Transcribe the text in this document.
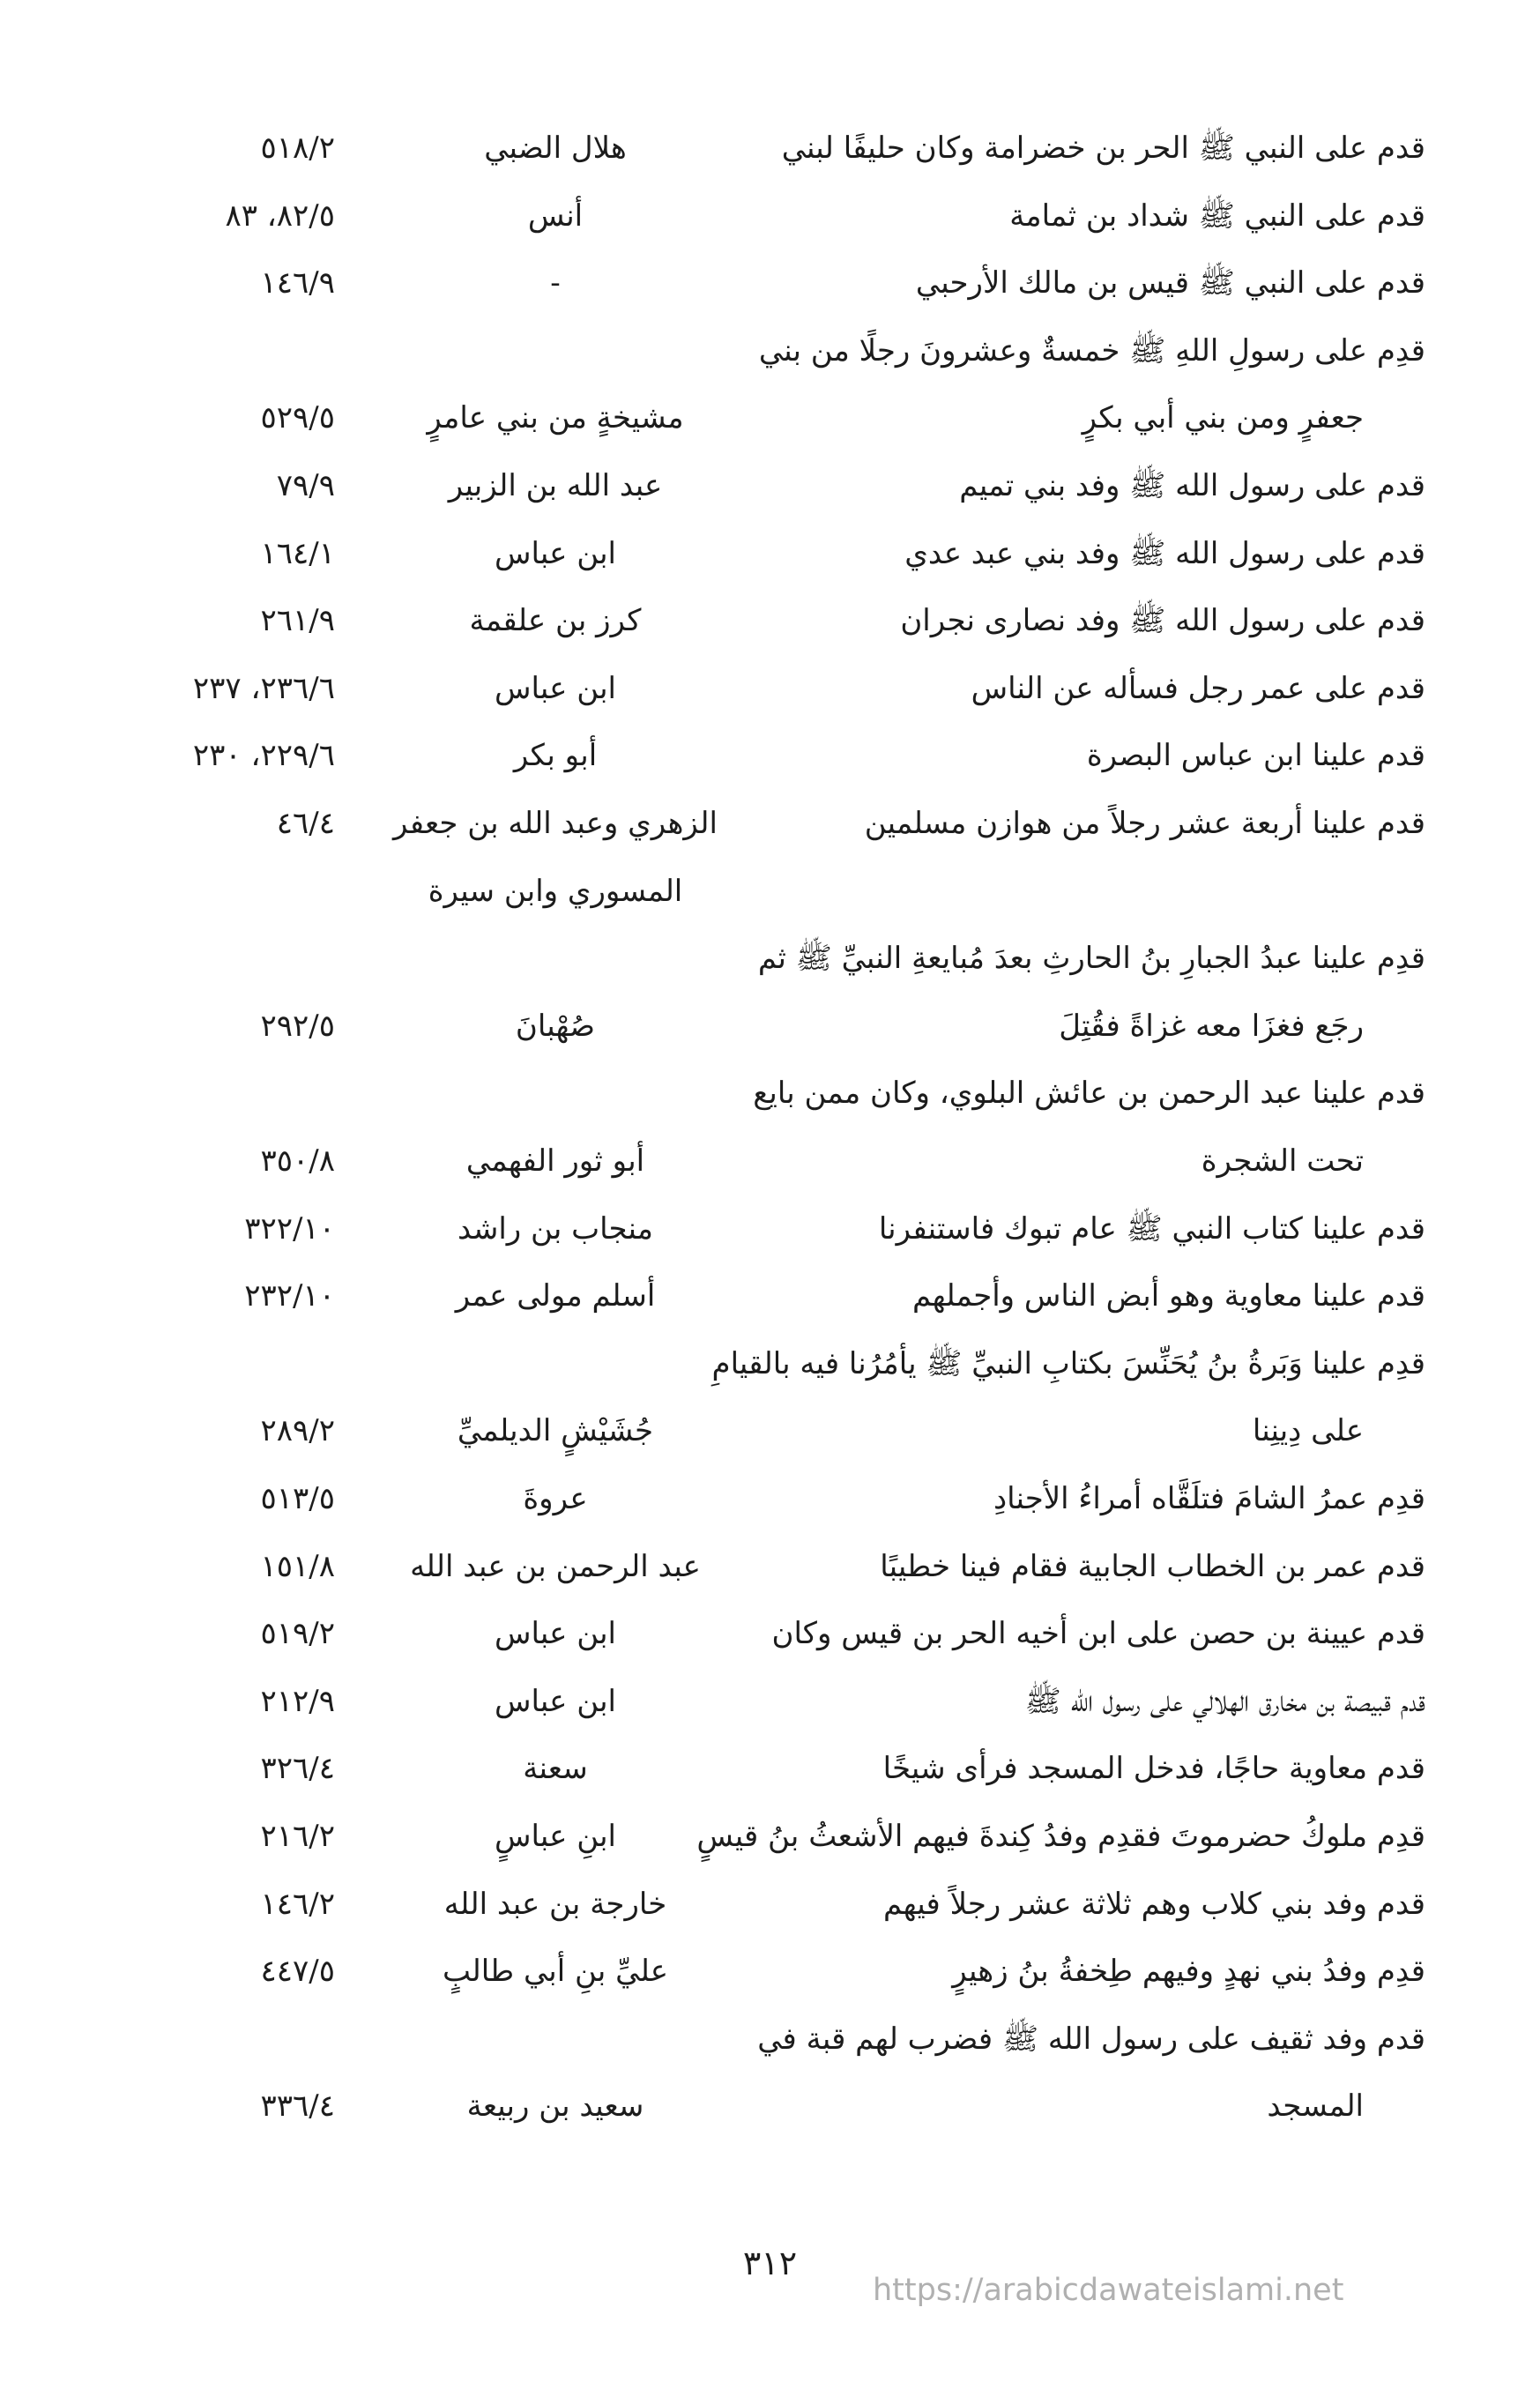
قدم على النبي ﷺ الحر بن خضرامة وكان حليفًا لبني
هلال الضبي
٥١٨/٢
قدم على النبي ﷺ شداد بن ثمامة
أنس
٨٢/٥، ٨٣
قدم على النبي ﷺ قيس بن مالك الأرحبي
-
١٤٦/٩
قدِم على رسولِ اللهِ ﷺ خمسةٌ وعشرونَ رجلًا من بني
جعفرٍ ومن بني أبي بكرٍ
مشيخةٍ من بني عامرٍ
٥٢٩/٥
قدم على رسول الله ﷺ وفد بني تميم
عبد الله بن الزبير
٧٩/٩
قدم على رسول الله ﷺ وفد بني عبد عدي
ابن عباس
١٦٤/١
قدم على رسول الله ﷺ وفد نصارى نجران
كرز بن علقمة
٢٦١/٩
قدم على عمر رجل فسأله عن الناس
ابن عباس
٢٣٦/٦، ٢٣٧
قدم علينا ابن عباس البصرة
أبو بكر
٢٢٩/٦، ٢٣٠
قدم علينا أربعة عشر رجلاً من هوازن مسلمين
الزهري وعبد الله بن جعفر
٤٦/٤
المسوري وابن سيرة
قدِم علينا عبدُ الجبارِ بنُ الحارثِ بعدَ مُبايعةِ النبيِّ ﷺ ثم
رجَع فغزَا معه غزاةً فقُتِلَ
صُهْبانَ
٢٩٢/٥
قدم علينا عبد الرحمن بن عائش البلوي، وكان ممن بايع
تحت الشجرة
أبو ثور الفهمي
٣٥٠/٨
قدم علينا كتاب النبي ﷺ عام تبوك فاستنفرنا
منجاب بن راشد
٣٢٢/١٠
قدم علينا معاوية وهو أبض الناس وأجملهم
أسلم مولى عمر
٢٣٢/١٠
قدِم علينا وَبَرةُ بنُ يُحَنِّسَ بكتابِ النبيِّ ﷺ يأمُرُنا فيه بالقيامِ
على دِينِنا
جُشَيْشٍ الديلميِّ
٢٨٩/٢
قدِم عمرُ الشامَ فتلَقَّاه أمراءُ الأجنادِ
عروةَ
٥١٣/٥
قدم عمر بن الخطاب الجابية فقام فينا خطيبًا
عبد الرحمن بن عبد الله
١٥١/٨
قدم عيينة بن حصن على ابن أخيه الحر بن قيس وكان
ابن عباس
٥١٩/٢
قدم قبيصة بن مخارق الهلالي على رسول الله ﷺ
ابن عباس
٢١٢/٩
قدم معاوية حاجًا، فدخل المسجد فرأى شيخًا
سعنة
٣٢٦/٤
قدِم ملوكُ حضرموتَ فقدِم وفدُ كِندةَ فيهم الأشعثُ بنُ قيسٍ
ابنِ عباسٍ
٢١٦/٢
قدم وفد بني كلاب وهم ثلاثة عشر رجلاً فيهم
خارجة بن عبد الله
١٤٦/٢
قدِم وفدُ بني نهدٍ وفيهم طِخفةُ بنُ زهيرٍ
عليِّ بنِ أبي طالبٍ
٤٤٧/٥
قدم وفد ثقيف على رسول الله ﷺ فضرب لهم قبة في
المسجد
سعيد بن ربيعة
٣٣٦/٤
٣١٢
https://arabicdawateislami.net
